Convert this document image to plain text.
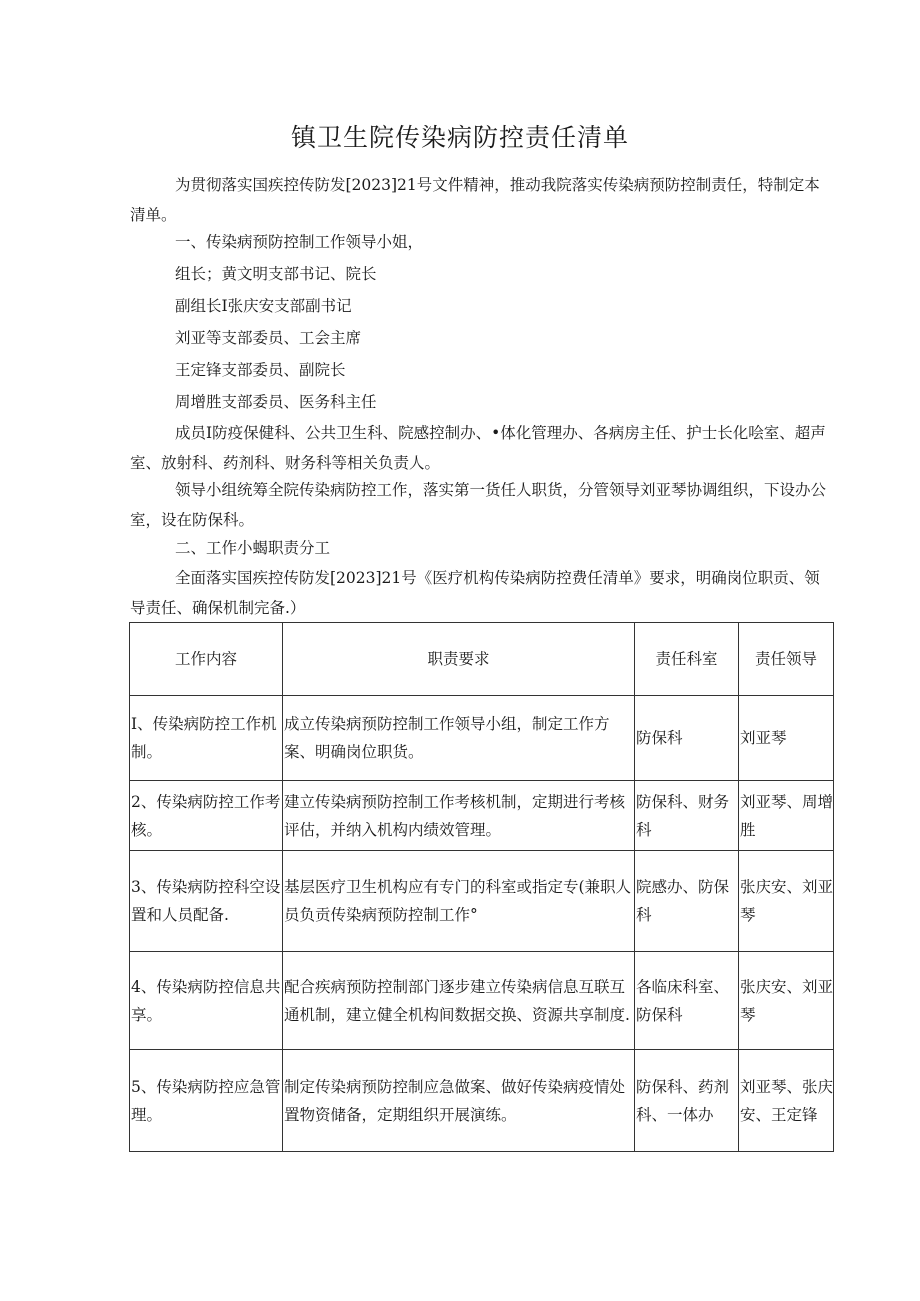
镇卫生院传染病防控责任清单
为贯彻落实国疾控传防发[2023]21号文件精神，推动我院落实传染病预防控制责任，特制定本清单。
一、传染病预防控制工作领导小姐，
组长；黄文明支部书记、院长
副组长I张庆安支部副书记
刘亚等支部委员、工会主席
王定锋支部委员、副院长
周增胜支部委员、医务科主任
成员I防疫保健科、公共卫生科、院感控制办、•体化管理办、各病房主任、护士长化哙室、超声室、放射科、药剂科、财务科等相关负责人。
领导小组统筹全院传染病防控工作，落实第一货任人职货，分管领导刘亚琴协调组织，下设办公室，设在防保科。
二、工作小蝎职责分工
全面落实国疾控传防发[2023]21号《医疗机构传染病防控费任清单》要求，明确岗位职贡、领导责任、确保机制完备.）
工作内容	职责要求	责任科室	责任领导
I、传染病防控工作机制。	成立传染病预防控制工作领导小组，制定工作方案、明确岗位职货。	防保科	刘亚琴
2、传染病防控工作考核。	建立传染病预防控制工作考核机制，定期进行考核评估，并纳入机构内绩效管理。	防保科、财务科	刘亚琴、周增胜
3、传染病防控科空设置和人员配备.	基层医疗卫生机构应有专门的科室或指定专(兼职人员负贡传染病预防控制工作°	院感办、防保科	张庆安、刘亚琴
4、传染病防控信息共享。	配合疾病预防控制部门逐步建立传染病信息互联互通机制，建立健全机构间数据交换、资源共享制度.	各临床科室、防保科	张庆安、刘亚琴
5、传染病防控应急管理。	制定传染病预防控制应急做案、做好传染病疫情处置物资储备，定期组织开展演练。	防保科、药剂科、一体办	刘亚琴、张庆安、王定锋
